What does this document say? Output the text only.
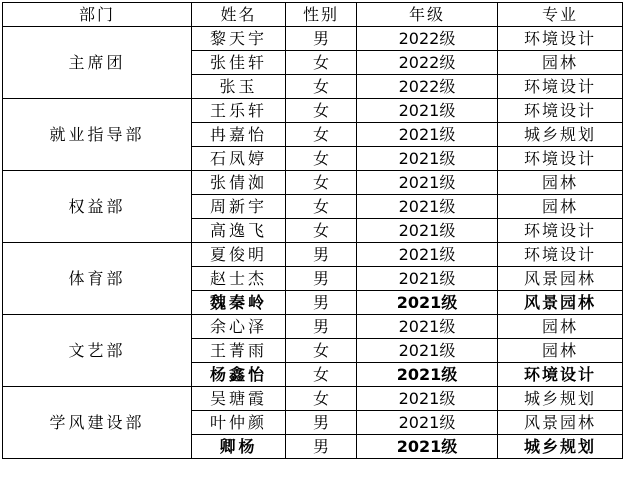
部门	姓名	性别	年级	专业
主席团	黎天宇	男	2022级	环境设计
	张佳轩	女	2022级	园林
	张玉	女	2022级	环境设计
就业指导部	王乐轩	女	2021级	环境设计
	冉嘉怡	女	2021级	城乡规划
	石凤婷	女	2021级	环境设计
权益部	张倩洳	女	2021级	园林
	周新宇	女	2021级	园林
	高逸飞	女	2021级	环境设计
体育部	夏俊明	男	2021级	环境设计
	赵士杰	男	2021级	风景园林
	魏秦岭	男	2021级	风景园林
文艺部	余心泽	男	2021级	园林
	王菁雨	女	2021级	园林
	杨鑫怡	女	2021级	环境设计
学风建设部	吴瑭霞	女	2021级	城乡规划
	叶仲颜	男	2021级	风景园林
	卿杨	男	2021级	城乡规划
